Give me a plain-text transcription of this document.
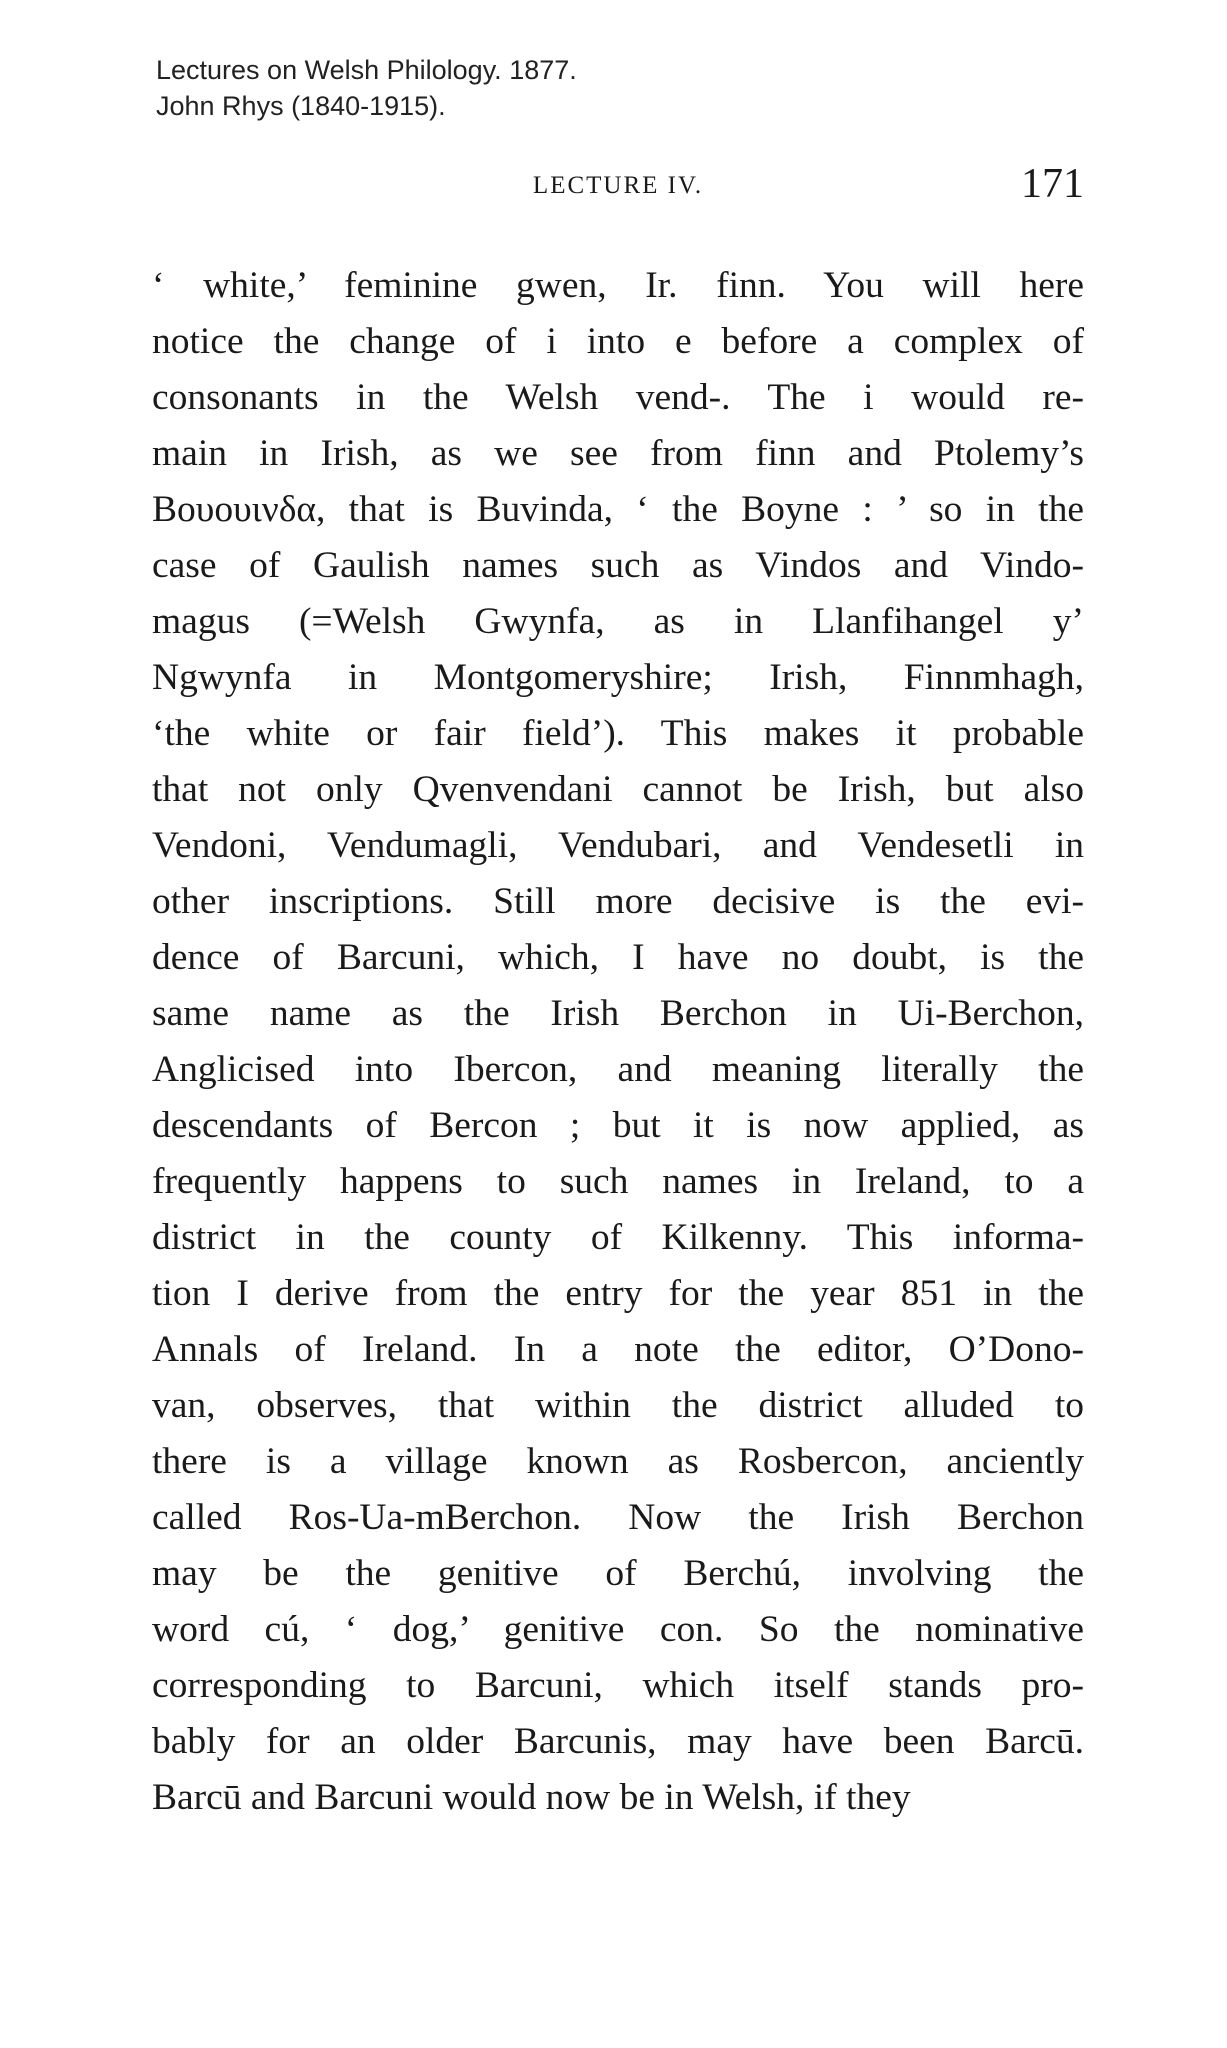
Lectures on Welsh Philology. 1877.
John Rhys (1840-1915).
LECTURE IV.	171
‘ white,’ feminine gwen, Ir. finn. You will here
notice the change of i into e before a complex of
consonants in the Welsh vend-. The i would re-
main in Irish, as we see from finn and Ptolemy’s
Βουουινδα, that is Buvinda, ‘ the Boyne : ’ so in the
case of Gaulish names such as Vindos and Vindo-
magus (=Welsh Gwynfa, as in Llanfihangel y’
Ngwynfa in Montgomeryshire; Irish, Finnmhagh,
‘the white or fair field’). This makes it probable
that not only Qvenvendani cannot be Irish, but also
Vendoni, Vendumagli, Vendubari, and Vendesetli in
other inscriptions. Still more decisive is the evi-
dence of Barcuni, which, I have no doubt, is the
same name as the Irish Berchon in Ui-Berchon,
Anglicised into Ibercon, and meaning literally the
descendants of Bercon ; but it is now applied, as
frequently happens to such names in Ireland, to a
district in the county of Kilkenny. This informa-
tion I derive from the entry for the year 851 in the
Annals of Ireland. In a note the editor, O’Dono-
van, observes, that within the district alluded to
there is a village known as Rosbercon, anciently
called Ros-Ua-mBerchon. Now the Irish Berchon
may be the genitive of Berchú, involving the
word cú, ‘ dog,’ genitive con. So the nominative
corresponding to Barcuni, which itself stands pro-
bably for an older Barcunis, may have been Barcū.
Barcū and Barcuni would now be in Welsh, if they
